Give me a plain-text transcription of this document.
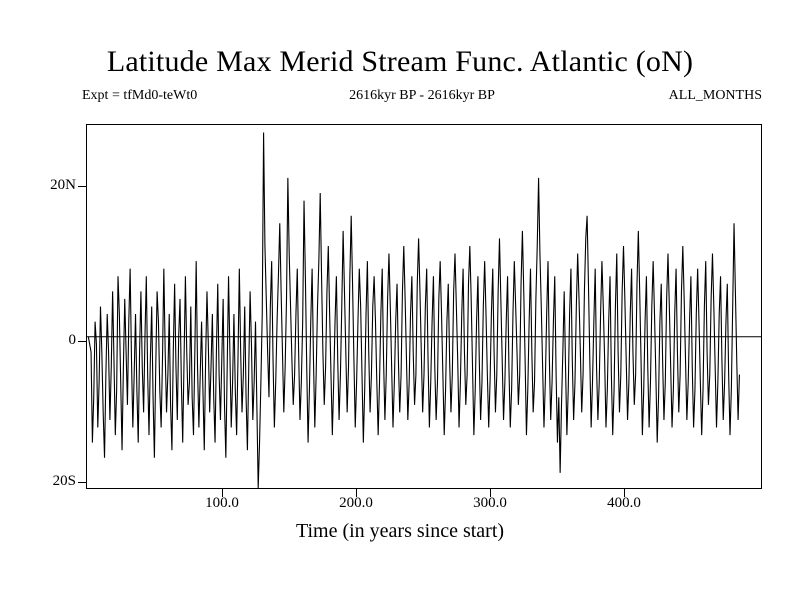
Latitude Max Merid Stream Func. Atlantic (oN)
Expt = tfMd0-teWt0	2616kyr BP - 2616kyr BP	ALL_MONTHS
20N
0
20S
100.0	200.0	300.0	400.0
Time (in years since start)
